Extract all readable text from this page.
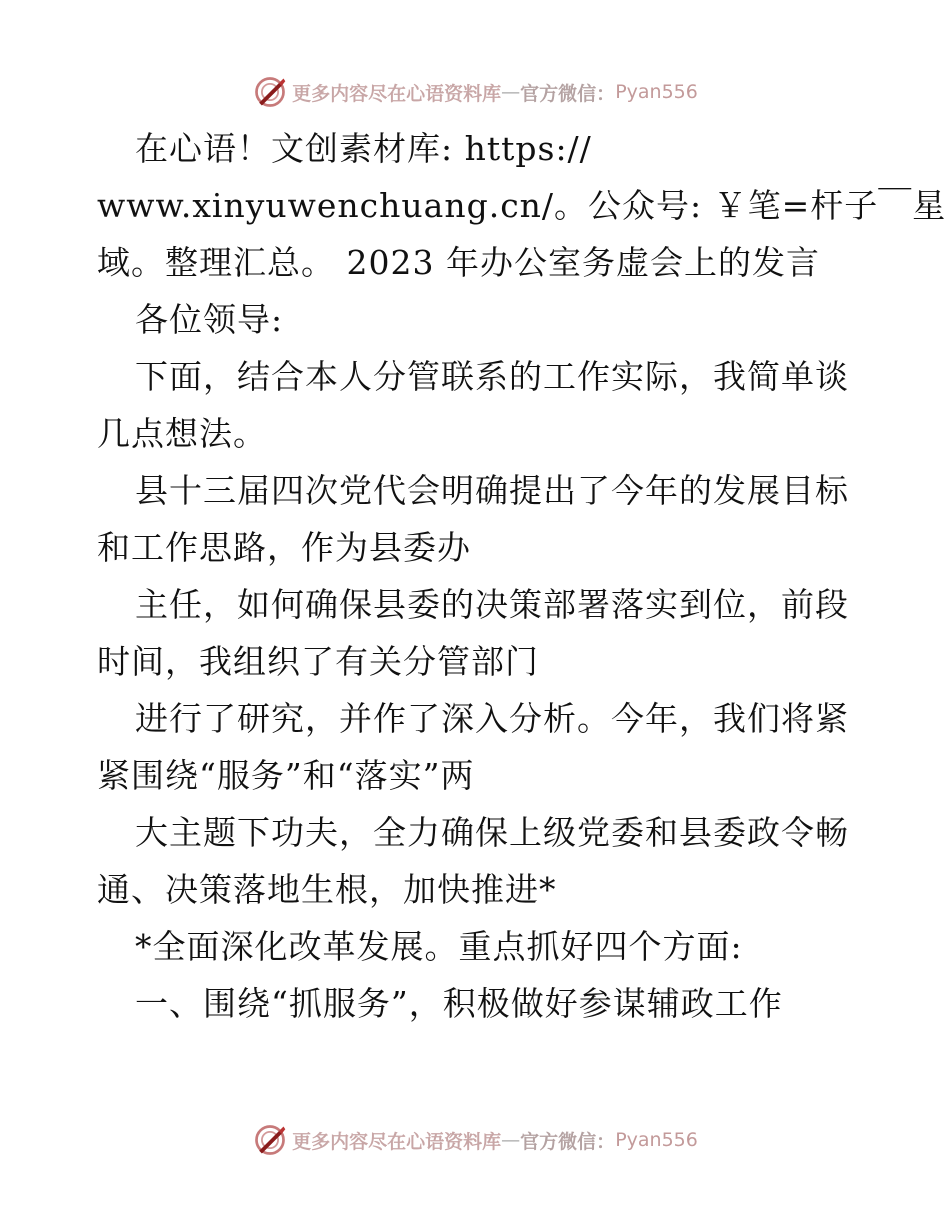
更多内容尽在心语资料库 — 官方微信： Pyan556
在心语！文创素材库: https://
www.xinyuwenchuang.cn/。公众号: ￥笔=杆子￣星
域。整理汇总。 2023 年办公室务虚会上的发言
各位领导:
下面，结合本人分管联系的工作实际，我简单谈
几点想法。
县十三届四次党代会明确提出了今年的发展目标
和工作思路，作为县委办
主任，如何确保县委的决策部署落实到位，前段
时间，我组织了有关分管部门
进行了研究，并作了深入分析。今年，我们将紧
紧围绕“服务”和“落实”两
大主题下功夫，全力确保上级党委和县委政令畅
通、决策落地生根，加快推进*
*全面深化改革发展。重点抓好四个方面:
一、围绕“抓服务”，积极做好参谋辅政工作
更多内容尽在心语资料库 — 官方微信： Pyan556
